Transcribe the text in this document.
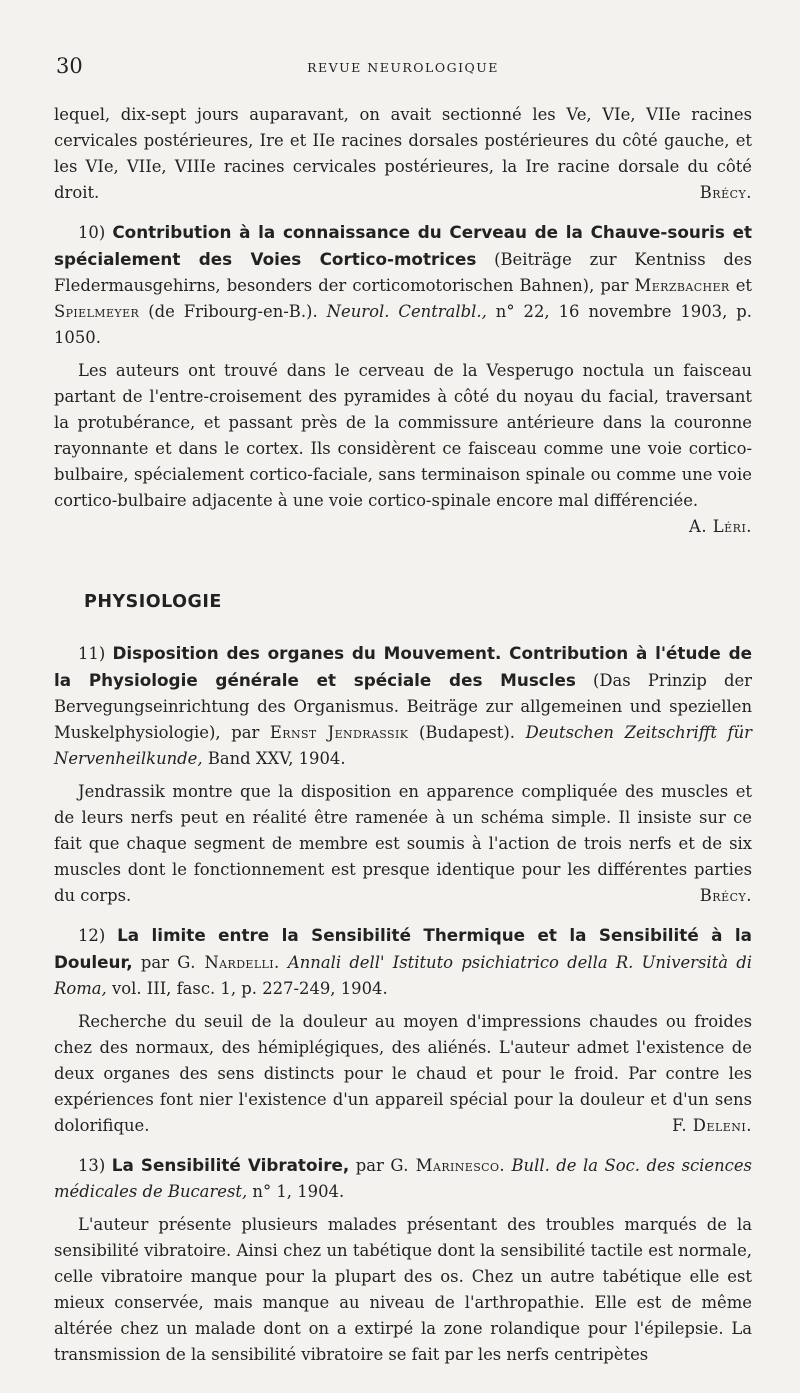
30	REVUE NEUROLOGIQUE

lequel, dix-sept jours auparavant, on avait sectionné les Ve, VIe, VIIe racines cervicales postérieures, Ire et IIe racines dorsales postérieures du côté gauche, et les VIe, VIIe, VIIIe racines cervicales postérieures, la Ire racine dorsale du côté droit.	Brécy.

10) Contribution à la connaissance du Cerveau de la Chauve-souris et spécialement des Voies Cortico-motrices (Beiträge zur Kentniss des Fledermausgehirns, besonders der corticomotorischen Bahnen), par Merzbacher et Spielmeyer (de Fribourg-en-B.). Neurol. Centralbl., n° 22, 16 novembre 1903, p. 1050.

Les auteurs ont trouvé dans le cerveau de la Vesperugo noctula un faisceau partant de l'entre-croisement des pyramides à côté du noyau du facial, traversant la protubérance, et passant près de la commissure antérieure dans la couronne rayonnante et dans le cortex. Ils considèrent ce faisceau comme une voie cortico-bulbaire, spécialement cortico-faciale, sans terminaison spinale ou comme une voie cortico-bulbaire adjacente à une voie cortico-spinale encore mal différenciée.
A. Léri.

PHYSIOLOGIE

11) Disposition des organes du Mouvement. Contribution à l'étude de la Physiologie générale et spéciale des Muscles (Das Prinzip der Bervegungseinrichtung des Organismus. Beiträge zur allgemeinen und speziellen Muskelphysiologie), par Ernst Jendrassik (Budapest). Deutschen Zeitschrifft für Nervenheilkunde, Band XXV, 1904.

Jendrassik montre que la disposition en apparence compliquée des muscles et de leurs nerfs peut en réalité être ramenée à un schéma simple. Il insiste sur ce fait que chaque segment de membre est soumis à l'action de trois nerfs et de six muscles dont le fonctionnement est presque identique pour les différentes parties du corps.	Brécy.

12) La limite entre la Sensibilité Thermique et la Sensibilité à la Douleur, par G. Nardelli. Annali dell' Istituto psichiatrico della R. Università di Roma, vol. III, fasc. 1, p. 227-249, 1904.

Recherche du seuil de la douleur au moyen d'impressions chaudes ou froides chez des normaux, des hémiplégiques, des aliénés. L'auteur admet l'existence de deux organes des sens distincts pour le chaud et pour le froid. Par contre les expériences font nier l'existence d'un appareil spécial pour la douleur et d'un sens dolorifique.	F. Deleni.

13) La Sensibilité Vibratoire, par G. Marinesco. Bull. de la Soc. des sciences médicales de Bucarest, n° 1, 1904.

L'auteur présente plusieurs malades présentant des troubles marqués de la sensibilité vibratoire. Ainsi chez un tabétique dont la sensibilité tactile est normale, celle vibratoire manque pour la plupart des os. Chez un autre tabétique elle est mieux conservée, mais manque au niveau de l'arthropathie. Elle est de même altérée chez un malade dont on a extirpé la zone rolandique pour l'épilepsie. La transmission de la sensibilité vibratoire se fait par les nerfs centripètes
